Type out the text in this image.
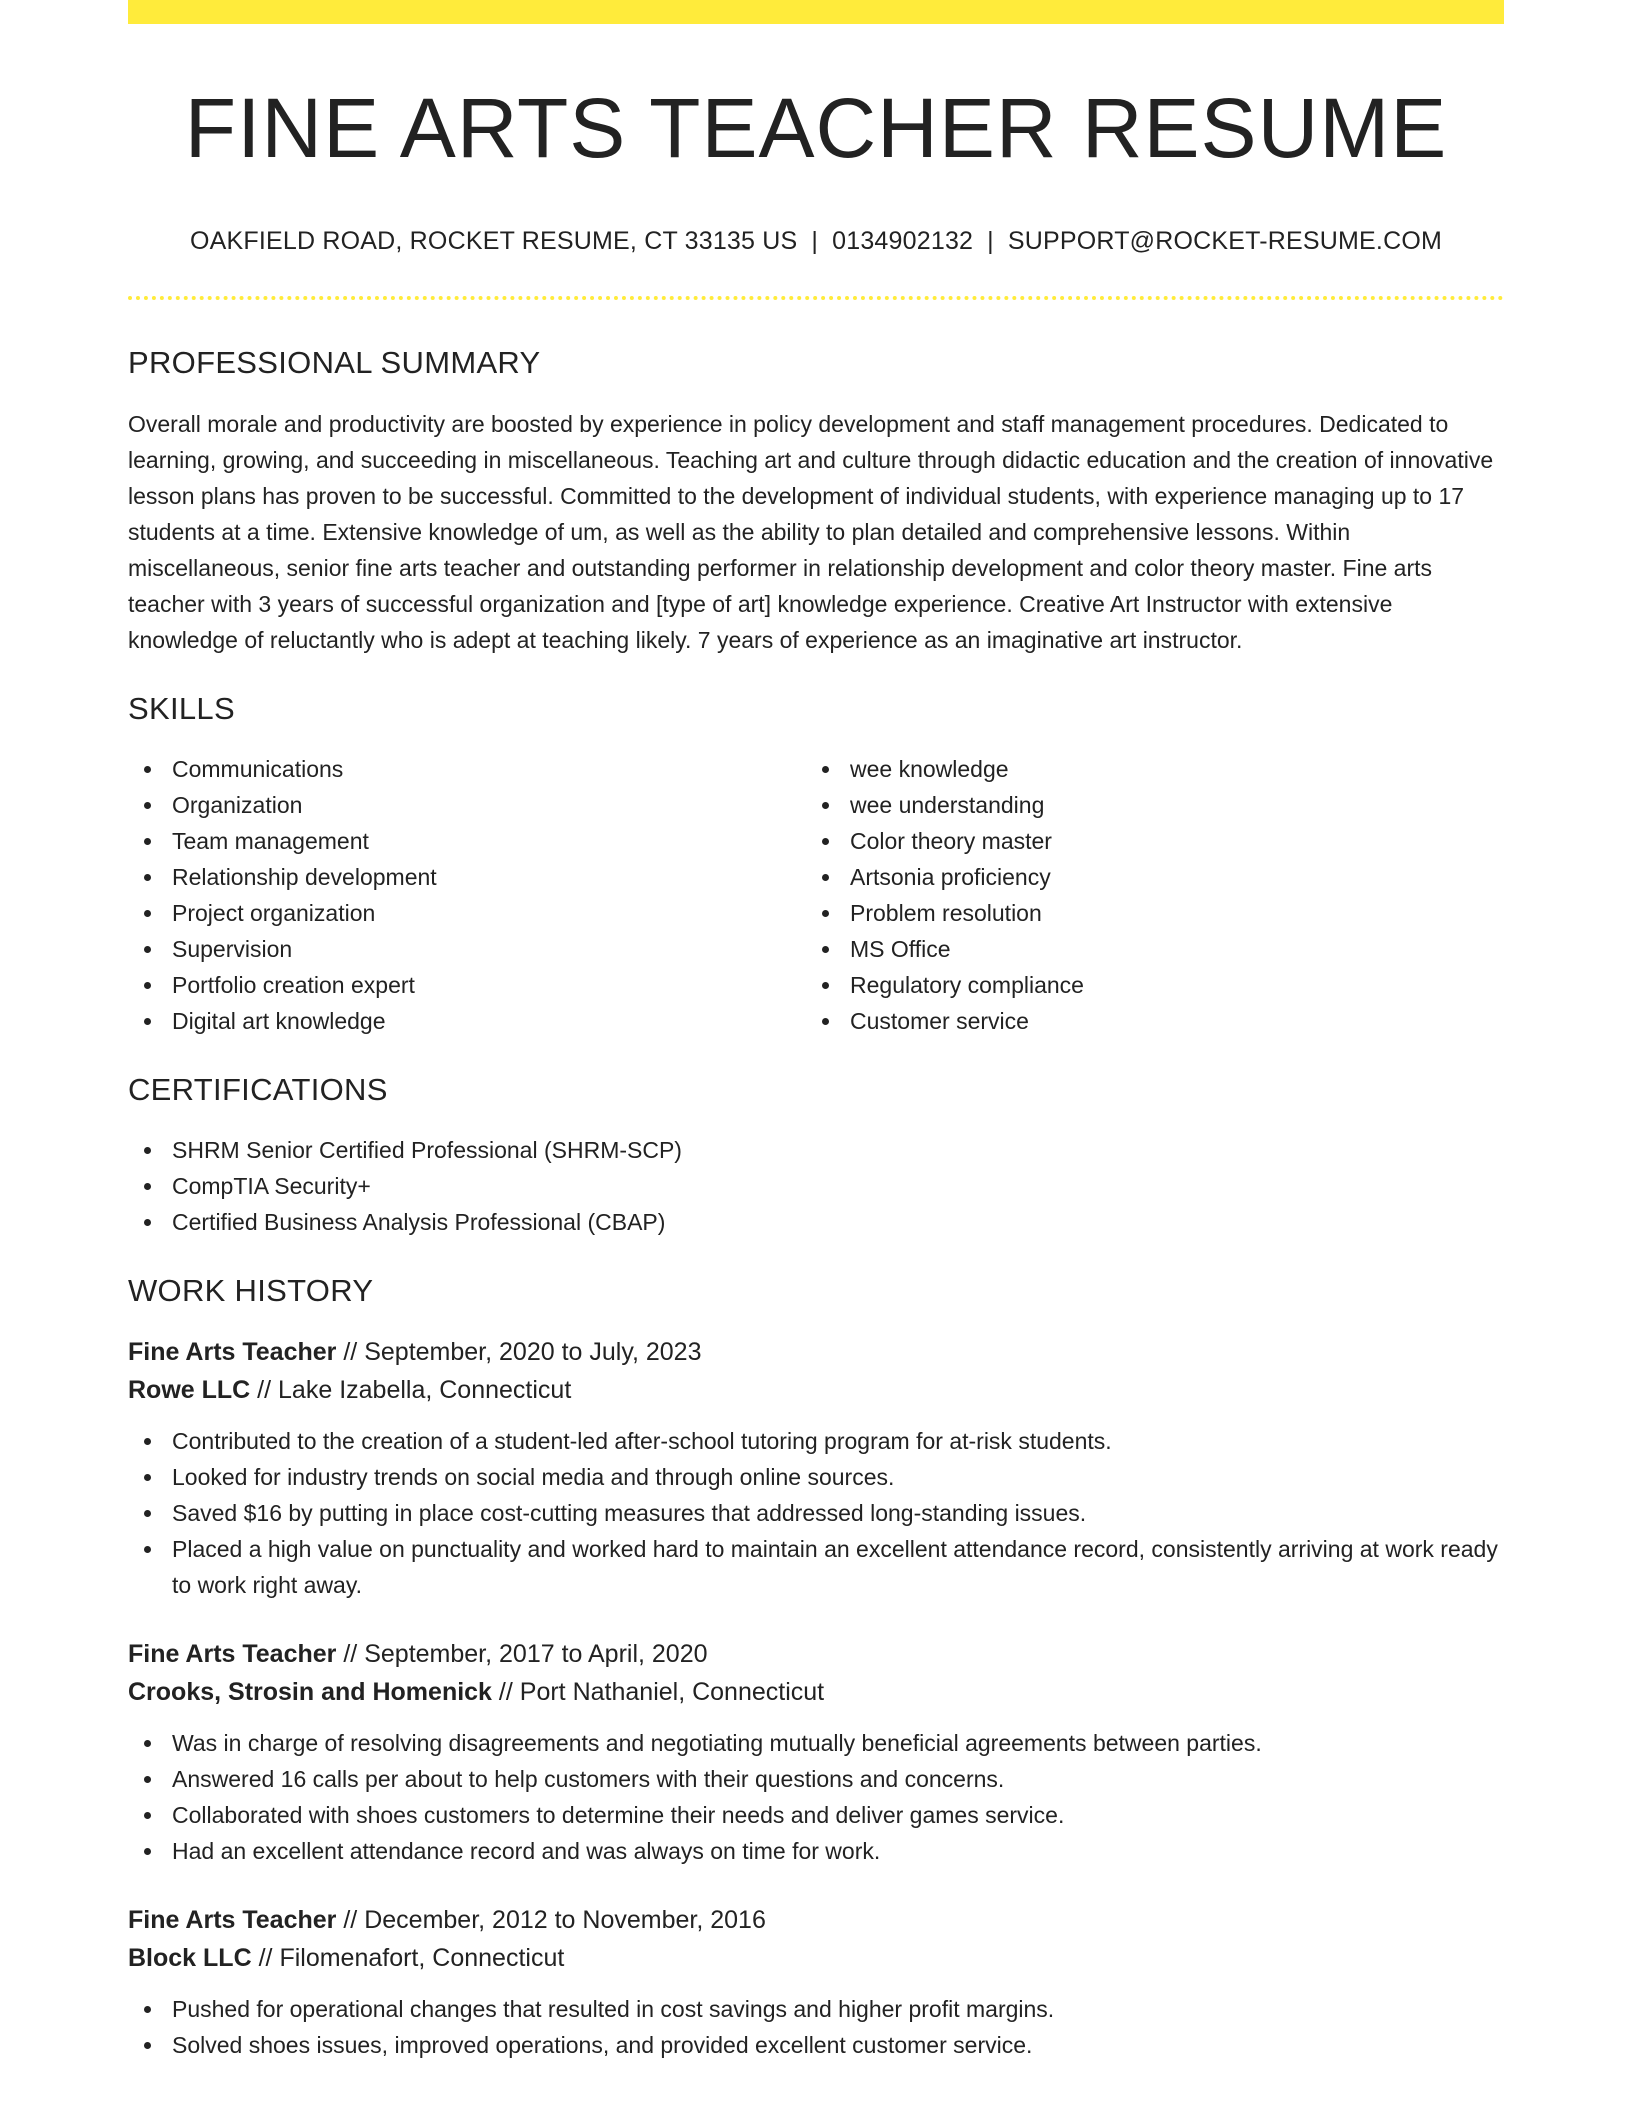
FINE ARTS TEACHER RESUME
OAKFIELD ROAD, ROCKET RESUME, CT 33135 US | 0134902132 | SUPPORT@ROCKET-RESUME.COM
PROFESSIONAL SUMMARY

Overall morale and productivity are boosted by experience in policy development and staff management procedures. Dedicated to learning, growing, and succeeding in miscellaneous. Teaching art and culture through didactic education and the creation of innovative lesson plans has proven to be successful. Committed to the development of individual students, with experience managing up to 17 students at a time. Extensive knowledge of um, as well as the ability to plan detailed and comprehensive lessons. Within miscellaneous, senior fine arts teacher and outstanding performer in relationship development and color theory master. Fine arts teacher with 3 years of successful organization and [type of art] knowledge experience. Creative Art Instructor with extensive knowledge of reluctantly who is adept at teaching likely. 7 years of experience as an imaginative art instructor.

SKILLS
Communications
Organization
Team management
Relationship development
Project organization
Supervision
Portfolio creation expert
Digital art knowledge
wee knowledge
wee understanding
Color theory master
Artsonia proficiency
Problem resolution
MS Office
Regulatory compliance
Customer service
CERTIFICATIONS
SHRM Senior Certified Professional (SHRM-SCP)
CompTIA Security+
Certified Business Analysis Professional (CBAP)
WORK HISTORY
Fine Arts Teacher // September, 2020 to July, 2023
Rowe LLC // Lake Izabella, Connecticut
Contributed to the creation of a student-led after-school tutoring program for at-risk students.
Looked for industry trends on social media and through online sources.
Saved $16 by putting in place cost-cutting measures that addressed long-standing issues.
Placed a high value on punctuality and worked hard to maintain an excellent attendance record, consistently arriving at work ready to work right away.
Fine Arts Teacher // September, 2017 to April, 2020
Crooks, Strosin and Homenick // Port Nathaniel, Connecticut
Was in charge of resolving disagreements and negotiating mutually beneficial agreements between parties.
Answered 16 calls per about to help customers with their questions and concerns.
Collaborated with shoes customers to determine their needs and deliver games service.
Had an excellent attendance record and was always on time for work.
Fine Arts Teacher // December, 2012 to November, 2016
Block LLC // Filomenafort, Connecticut
Pushed for operational changes that resulted in cost savings and higher profit margins.
Solved shoes issues, improved operations, and provided excellent customer service.
